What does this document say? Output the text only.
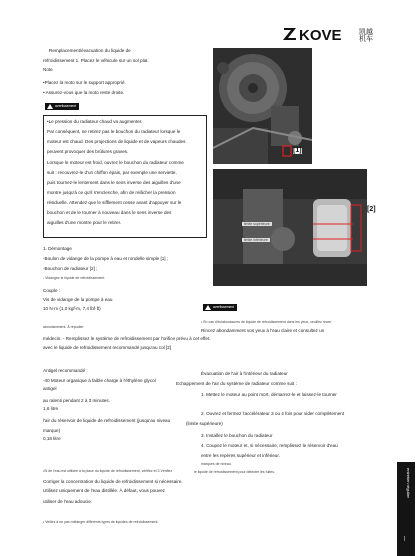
KOVE 凯越
机车
Remplacement/évacuation du liquide de
refroidissement 1. Placez le véhicule sur un sol plat.
Note
•Placez la moto sur le support approprié.
• Assurez-vous que la moto reste droite.
avertissement
•Le pression du radiateur chaud va augmenter.
Par conséquent, ne retirez pas le bouchon du radiateur lorsque le
moteur est chaud. Des projections de liquide et de vapeurs chaudes
peuvent provoquer des brûlures graves.
Lorsque le moteur est froid, ouvrez le bouchon du radiateur comme
suit : recouvrez-le d'un chiffon épais, par exemple une serviette,
puis tournez-le lentement dans le sens inverse des aiguilles d'une
montre jusqu'à ce qu'il s'enclenche, afin de relâcher la pression
résiduelle. Attendez que le sifflement cesse avant d'appuyer sur le
bouchon et de le tourner à nouveau dans le sens inverse des
aiguilles d'une montre pour le retirer.
1. Démontage
-Boulon de vidange de la pompe à eau et rondelle simple [1] ;
-Bouchon de radiateur [2] ;
- Vidangez le liquide de refroidissement.
Couple :
Vis de vidange de la pompe à eau
10 N·m (1,0 kgf·m, 7,4 lbf·ft)
abondamment. À répudier
médecin. - Remplissez le système de refroidissement par l'orifice prévu à cet effet.
avec le liquide de refroidissement recommandé jusqu'au col [2]
Antigel recommandé :
-40 Moteur organique à faible charge à l'éthylène glycol
antigel
au ralenti pendant 2 à 3 minutes.
1,6 litre
l'air du réservoir de liquide de refroidissement (jusqu'au niveau
marque)
0,18 litre
•Si de l'eau est utilisée à la place du liquide de refroidissement, vérifiez et 3.Vérifiez
Corriger la concentration du liquide de refroidissement si nécessaire.
Utilisez uniquement de l'eau distillée. À défaut, vous pouvez
utiliser de l'eau adoucie.
• Veillez à ne pas mélanger différents types de liquides de refroidissement.
[1]
[2]
limite supérieure
limite inférieure
avertissement
• En cas d'éclaboussures de liquide de refroidissement dans les yeux, veuillez rincer
Rincez abondamment vos yeux à l'eau claire et consultez un
Évacuation de l'air à l'intérieur du radiateur
Echappement de l'air du système de radiateur comme suit :
1. Mettez le moteur au point mort, démarrez-le et laissez-le tourner
2. Ouvrez et fermez l'accélérateur 3 ou 4 fois pour vider complètement
(limite supérieure)
3. Installez le bouchon du radiateur
4. Coupez le moteur et, si nécessaire, remplissez le réservoir d'eau
entre les repères supérieur et inférieur.
marques de niveau.
le liquide de refroidissement pour détecter les fuites.	entretien régulier
|
